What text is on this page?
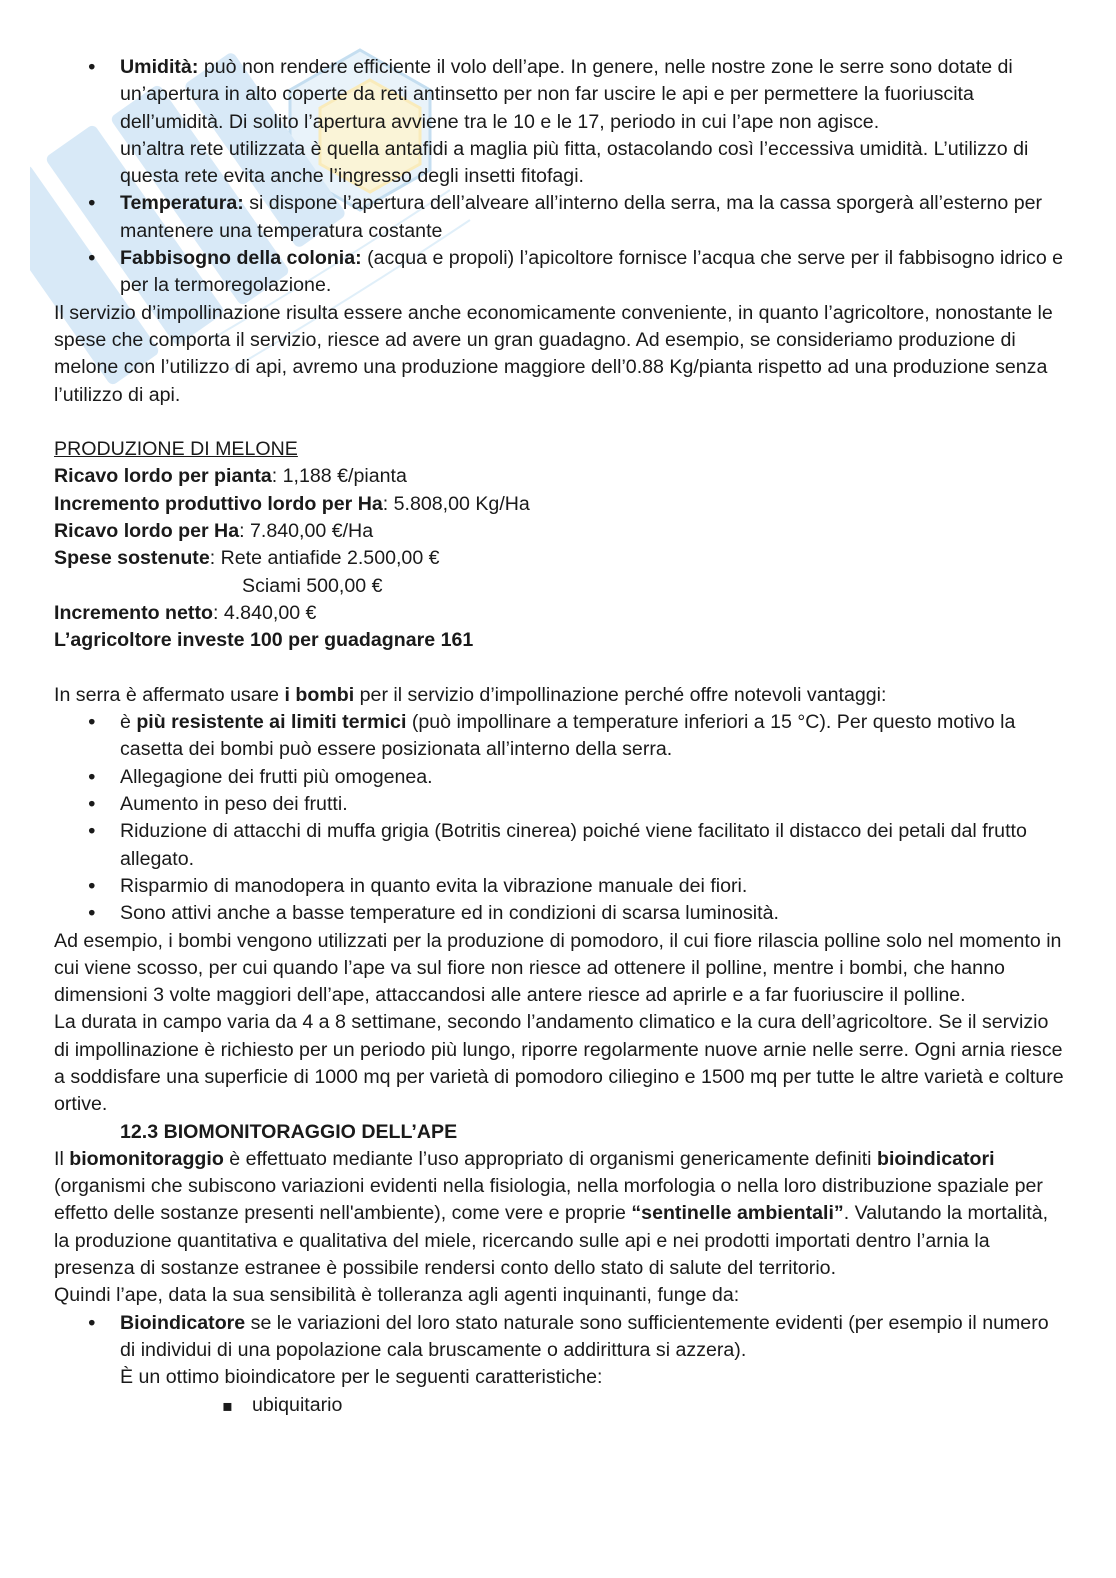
• Umidità: può non rendere efficiente il volo dell’ape. In genere, nelle nostre zone le serre sono dotate di un’apertura in alto coperte da reti antinsetto per non far uscire le api e per permettere la fuoriuscita dell’umidità. Di solito l’apertura avviene tra le 10 e le 17, periodo in cui l’ape non agisce.
un’altra rete utilizzata è quella antafidi a maglia più fitta, ostacolando così l’eccessiva umidità. L’utilizzo di questa rete evita anche l’ingresso degli insetti fitofagi.
• Temperatura: si dispone l’apertura dell’alveare all’interno della serra, ma la cassa sporgerà all’esterno per mantenere una temperatura costante
• Fabbisogno della colonia: (acqua e propoli) l’apicoltore fornisce l’acqua che serve per il fabbisogno idrico e per la termoregolazione.

Il servizio d’impollinazione risulta essere anche economicamente conveniente, in quanto l’agricoltore, nonostante le spese che comporta il servizio, riesce ad avere un gran guadagno. Ad esempio, se consideriamo produzione di melone con l’utilizzo di api, avremo una produzione maggiore dell’0.88 Kg/pianta rispetto ad una produzione senza l’utilizzo di api.

PRODUZIONE DI MELONE

Ricavo lordo per pianta: 1,188 €/pianta

Incremento produttivo lordo per Ha: 5.808,00 Kg/Ha

Ricavo lordo per Ha: 7.840,00 €/Ha

Spese sostenute: Rete antiafide 2.500,00 €

Sciami 500,00 €

Incremento netto: 4.840,00 €

L’agricoltore investe 100 per guadagnare 161

In serra è affermato usare i bombi per il servizio d’impollinazione perché offre notevoli vantaggi:

• è più resistente ai limiti termici (può impollinare a temperature inferiori a 15 °C). Per questo motivo la casetta dei bombi può essere posizionata all’interno della serra.
• Allegagione dei frutti più omogenea.
• Aumento in peso dei frutti.
• Riduzione di attacchi di muffa grigia (Botritis cinerea) poiché viene facilitato il distacco dei petali dal frutto allegato.
• Risparmio di manodopera in quanto evita la vibrazione manuale dei fiori.
• Sono attivi anche a basse temperature ed in condizioni di scarsa luminosità.

Ad esempio, i bombi vengono utilizzati per la produzione di pomodoro, il cui fiore rilascia polline solo nel momento in cui viene scosso, per cui quando l’ape va sul fiore non riesce ad ottenere il polline, mentre i bombi, che hanno dimensioni 3 volte maggiori dell’ape, attaccandosi alle antere riesce ad aprirle e a far fuoriuscire il polline.

La durata in campo varia da 4 a 8 settimane, secondo l’andamento climatico e la cura dell’agricoltore. Se il servizio di impollinazione è richiesto per un periodo più lungo, riporre regolarmente nuove arnie nelle serre. Ogni arnia riesce a soddisfare una superficie di 1000 mq per varietà di pomodoro ciliegino e 1500 mq per tutte le altre varietà e colture ortive.

12.3 BIOMONITORAGGIO DELL’APE

Il biomonitoraggio è effettuato mediante l’uso appropriato di organismi genericamente definiti bioindicatori (organismi che subiscono variazioni evidenti nella fisiologia, nella morfologia o nella loro distribuzione spaziale per effetto delle sostanze presenti nell'ambiente), come vere e proprie “sentinelle ambientali”. Valutando la mortalità, la produzione quantitativa e qualitativa del miele, ricercando sulle api e nei prodotti importati dentro l’arnia la presenza di sostanze estranee è possibile rendersi conto dello stato di salute del territorio.

Quindi l’ape, data la sua sensibilità è tolleranza agli agenti inquinanti, funge da:

• Bioindicatore se le variazioni del loro stato naturale sono sufficientemente evidenti (per esempio il numero di individui di una popolazione cala bruscamente o addirittura si azzera).
È un ottimo bioindicatore per le seguenti caratteristiche:
▪ ubiquitario
